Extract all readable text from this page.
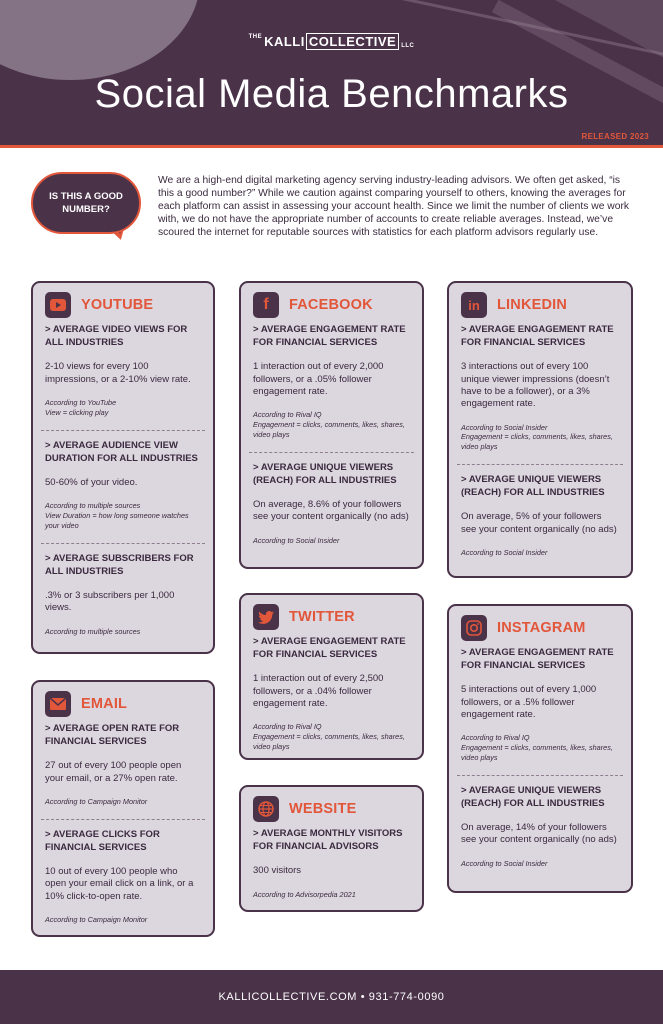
$^{THE}$ KALLI COLLECTIVE LLC
Social Media Benchmarks
RELEASED 2023
IS THIS A GOOD NUMBER?
We are a high-end digital marketing agency serving industry-leading advisors. We often get asked, “is this a good number?” While we caution against comparing yourself to others, knowing the averages for each platform can assist in assessing your account health. Since we limit the number of clients we work with, we do not have the appropriate number of accounts to create reliable averages. Instead, we’ve scoured the internet for reputable sources with statistics for each platform advisors regularly use.
YOUTUBE
> AVERAGE VIDEO VIEWS FOR ALL INDUSTRIES
2-10 views for every 100 impressions, or a 2-10% view rate.
According to YouTube
View = clicking play
> AVERAGE AUDIENCE VIEW DURATION FOR ALL INDUSTRIES
50-60% of your video.
According to multiple sources
View Duration = how long someone watches your video
> AVERAGE SUBSCRIBERS FOR ALL INDUSTRIES
.3% or 3 subscribers per 1,000 views.
According to multiple sources
EMAIL
> AVERAGE OPEN RATE FOR FINANCIAL SERVICES
27 out of every 100 people open your email, or a 27% open rate.
According to Campaign Monitor
> AVERAGE CLICKS FOR FINANCIAL SERVICES
10 out of every 100 people who open your email click on a link, or a 10% click-to-open rate.
According to Campaign Monitor
f FACEBOOK
> AVERAGE ENGAGEMENT RATE FOR FINANCIAL SERVICES
1 interaction out of every 2,000 followers, or a .05% follower engagement rate.
According to Rival IQ
Engagement = clicks, comments, likes, shares, video plays
> AVERAGE UNIQUE VIEWERS (REACH) FOR ALL INDUSTRIES
On average, 8.6% of your followers see your content organically (no ads)
According to Social Insider
TWITTER
> AVERAGE ENGAGEMENT RATE FOR FINANCIAL SERVICES
1 interaction out of every 2,500 followers, or a .04% follower engagement rate.
According to Rival IQ
Engagement = clicks, comments, likes, shares, video plays
WEBSITE
> AVERAGE MONTHLY VISITORS FOR FINANCIAL ADVISORS
300 visitors
According to Advisorpedia 2021
in LINKEDIN
> AVERAGE ENGAGEMENT RATE FOR FINANCIAL SERVICES
3 interactions out of every 100 unique viewer impressions (doesn’t have to be a follower), or a 3% engagement rate.
According to Social Insider
Engagement = clicks, comments, likes, shares, video plays
> AVERAGE UNIQUE VIEWERS (REACH) FOR ALL INDUSTRIES
On average, 5% of your followers see your content organically (no ads)
According to Social Insider
INSTAGRAM
> AVERAGE ENGAGEMENT RATE FOR FINANCIAL SERVICES
5 interactions out of every 1,000 followers, or a .5% follower engagement rate.
According to Rival IQ
Engagement = clicks, comments, likes, shares, video plays
> AVERAGE UNIQUE VIEWERS (REACH) FOR ALL INDUSTRIES
On average, 14% of your followers see your content organically (no ads)
According to Social Insider
KALLICOLLECTIVE.COM • 931-774-0090
